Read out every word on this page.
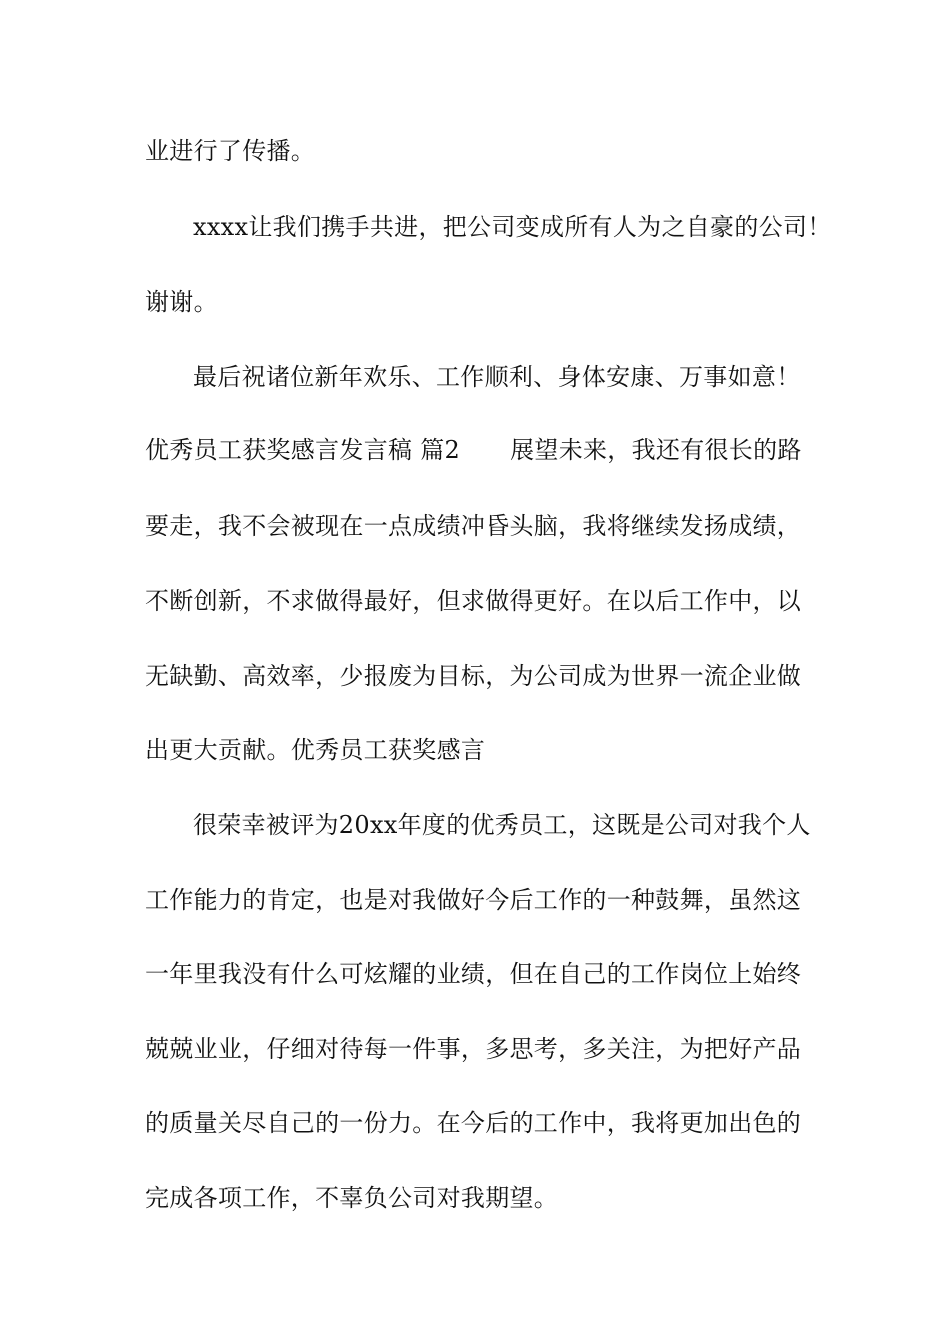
业进行了传播。
xxxx让我们携手共进，把公司变成所有人为之自豪的公司！
谢谢。
最后祝诸位新年欢乐、工作顺利、身体安康、万事如意！
优秀员工获奖感言发言稿 篇2 展望未来，我还有很长的路
要走，我不会被现在一点成绩冲昏头脑，我将继续发扬成绩，
不断创新，不求做得最好，但求做得更好。在以后工作中，以
无缺勤、高效率，少报废为目标，为公司成为世界一流企业做
出更大贡献。优秀员工获奖感言
很荣幸被评为20xx年度的优秀员工，这既是公司对我个人
工作能力的肯定，也是对我做好今后工作的一种鼓舞，虽然这
一年里我没有什么可炫耀的业绩，但在自己的工作岗位上始终
兢兢业业，仔细对待每一件事，多思考，多关注，为把好产品
的质量关尽自己的一份力。在今后的工作中，我将更加出色的
完成各项工作，不辜负公司对我期望。
